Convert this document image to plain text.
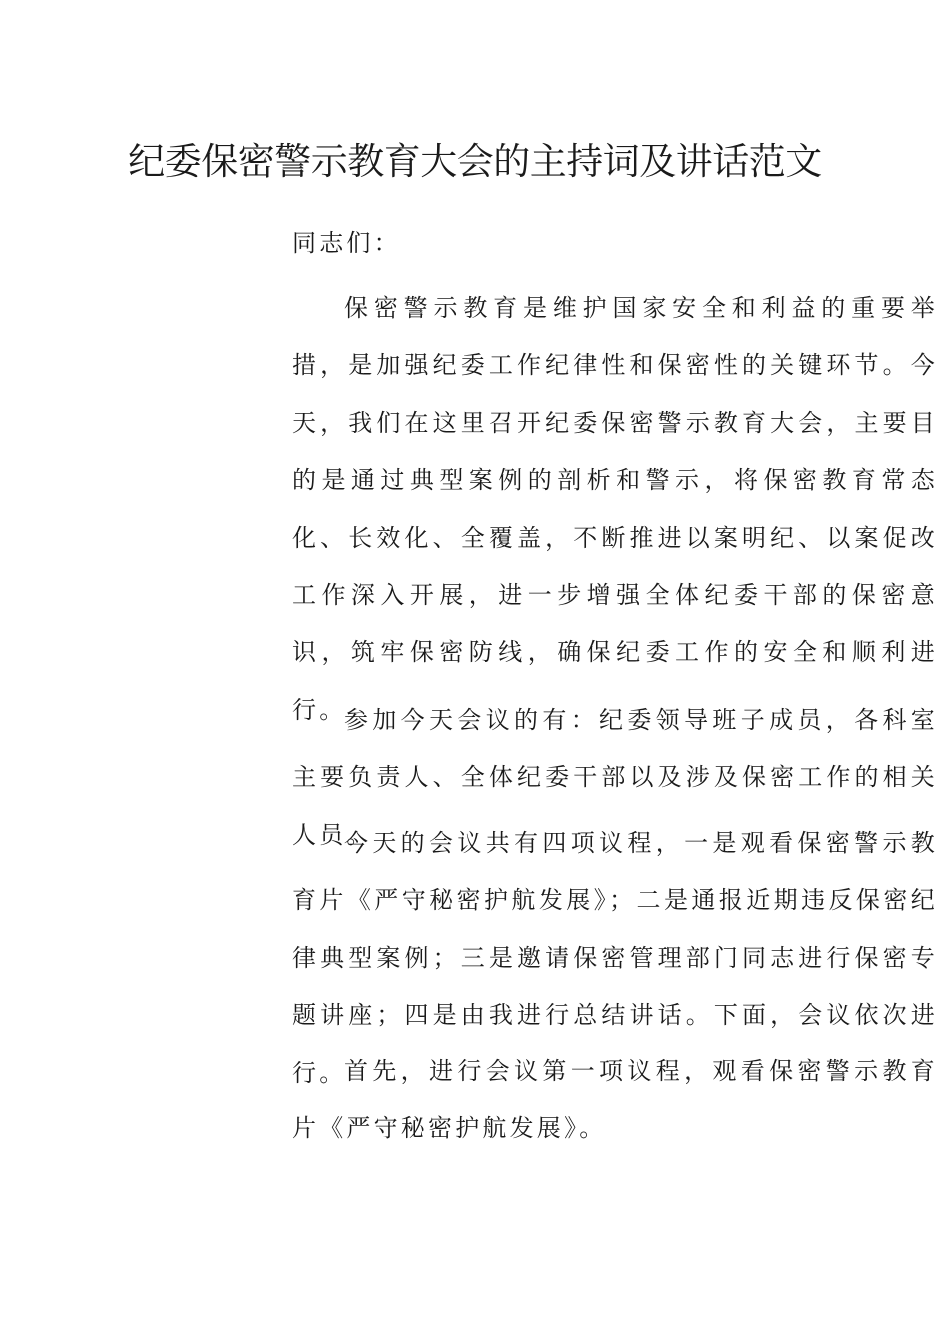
纪委保密警示教育大会的主持词及讲话范文

同志们：

保密警示教育是维护国家安全和利益的重要举措，是加强纪委工作纪律性和保密性的关键环节。今天，我们在这里召开纪委保密警示教育大会，主要目的是通过典型案例的剖析和警示，将保密教育常态化、长效化、全覆盖，不断推进以案明纪、以案促改工作深入开展，进一步增强全体纪委干部的保密意识，筑牢保密防线，确保纪委工作的安全和顺利进行。

参加今天会议的有：纪委领导班子成员，各科室主要负责人、全体纪委干部以及涉及保密工作的相关人员。

今天的会议共有四项议程，一是观看保密警示教育片《严守秘密护航发展》；二是通报近期违反保密纪律典型案例；三是邀请保密管理部门同志进行保密专题讲座；四是由我进行总结讲话。下面，会议依次进行。

首先，进行会议第一项议程，观看保密警示教育片《严守秘密护航发展》。
